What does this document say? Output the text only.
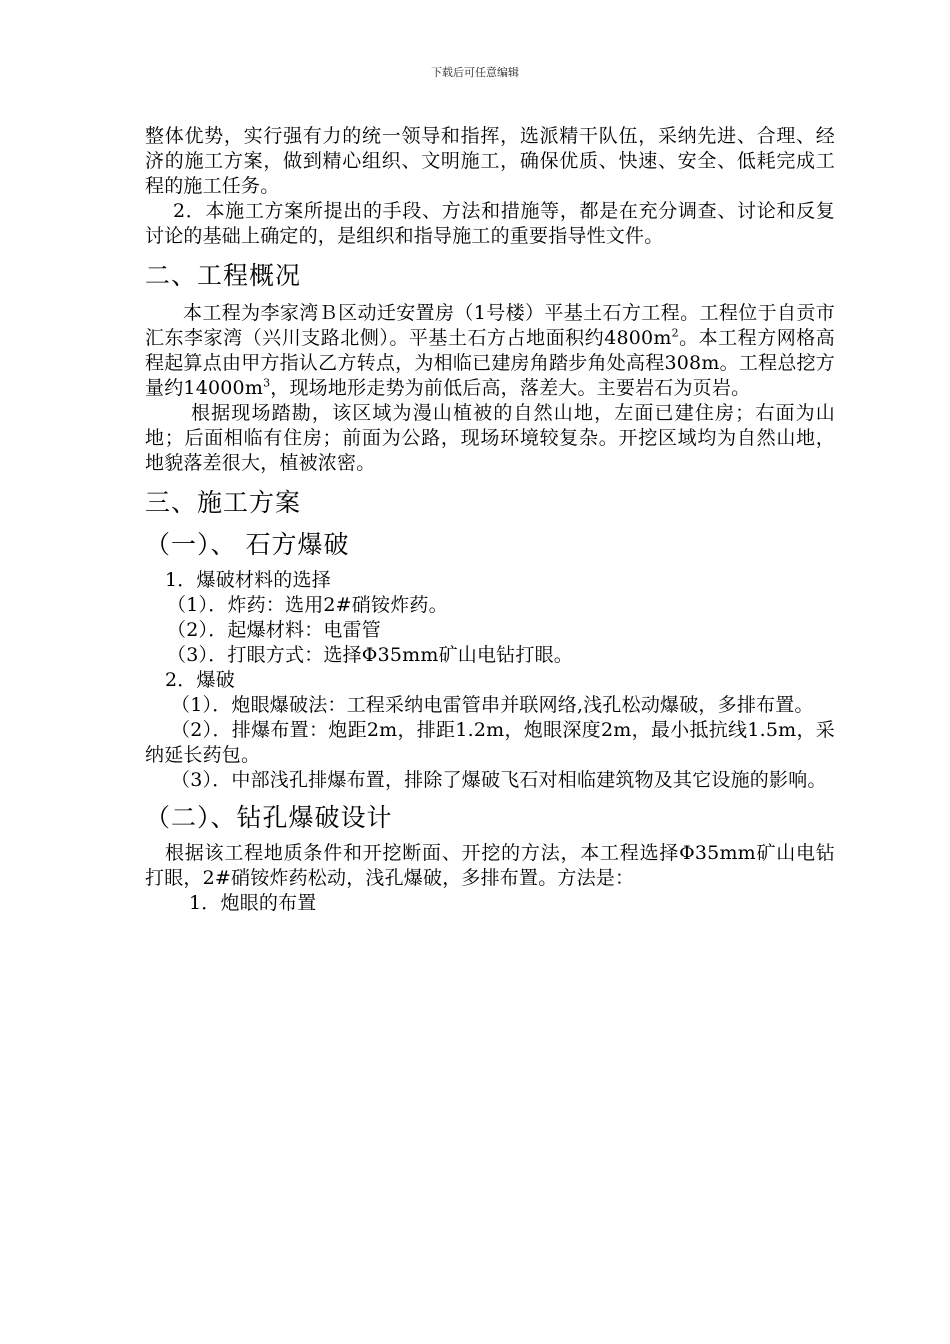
下载后可任意编辑

整体优势，实行强有力的统一领导和指挥，选派精干队伍，采纳先进、合理、经济的施工方案，做到精心组织、文明施工，确保优质、快速、安全、低耗完成工程的施工任务。

2．本施工方案所提出的手段、方法和措施等，都是在充分调查、讨论和反复讨论的基础上确定的，是组织和指导施工的重要指导性文件。

二、工程概况

本工程为李家湾Ｂ区动迁安置房（1号楼）平基土石方工程。工程位于自贡市汇东李家湾（兴川支路北侧）。平基土石方占地面积约$4800m^2$。本工程方网格高程起算点由甲方指认乙方转点，为相临已建房角踏步角处高程308m。工程总挖方量约$14000m^3$，现场地形走势为前低后高，落差大。主要岩石为页岩。

根据现场踏勘，该区域为漫山植被的自然山地，左面已建住房；右面为山地；后面相临有住房；前面为公路，现场环境较复杂。开挖区域均为自然山地，地貌落差很大，植被浓密。

三、施工方案
（一）、 石方爆破

1．爆破材料的选择

（1）．炸药：选用2#硝铵炸药。

（2）．起爆材料：电雷管

（3）．打眼方式：选择Φ35mm矿山电钻打眼。

2．爆破

（1）．炮眼爆破法：工程采纳电雷管串并联网络,浅孔松动爆破，多排布置。

（2）．排爆布置：炮距2m，排距1.2m，炮眼深度2m，最小抵抗线1.5m，采纳延长药包。

（3）．中部浅孔排爆布置，排除了爆破飞石对相临建筑物及其它设施的影响。

（二）、钻孔爆破设计

根据该工程地质条件和开挖断面、开挖的方法，本工程选择Φ35mm矿山电钻打眼，2#硝铵炸药松动，浅孔爆破，多排布置。方法是：

1．炮眼的布置
